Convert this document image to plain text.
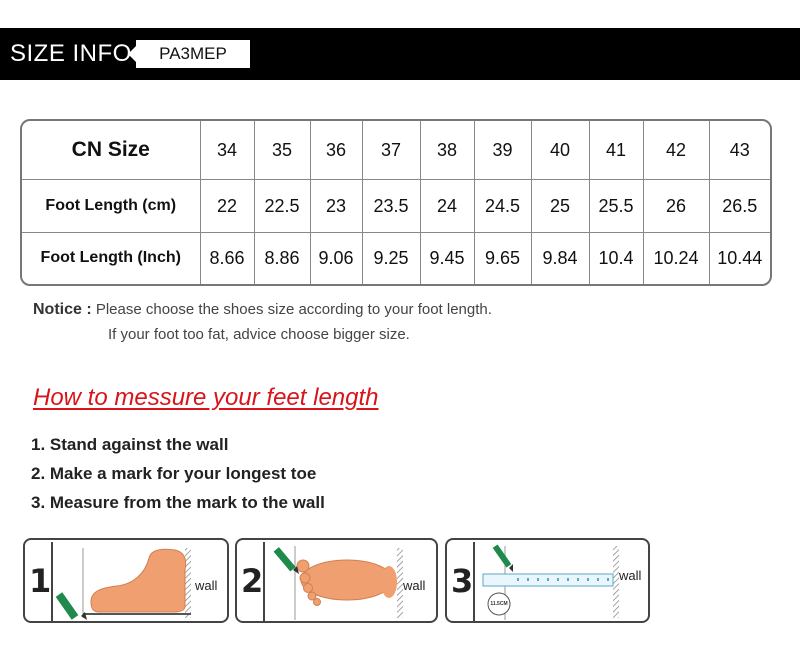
SIZE INFO	PA3MEP
CN Size	34	35	36	37	38	39	40	41	42	43
Foot Length (cm)	22	22.5	23	23.5	24	24.5	25	25.5	26	26.5
Foot Length (Inch)	8.66	8.86	9.06	9.25	9.45	9.65	9.84	10.4	10.24	10.44
Notice : Please choose the shoes size according to your foot length.
If your foot too fat, advice choose bigger size.
How to messure your feet length
1. Stand against the wall
2. Make a mark for your longest toe
3. Measure from the mark to the wall
1	wall 2	wall 3
11.5CM
wall
